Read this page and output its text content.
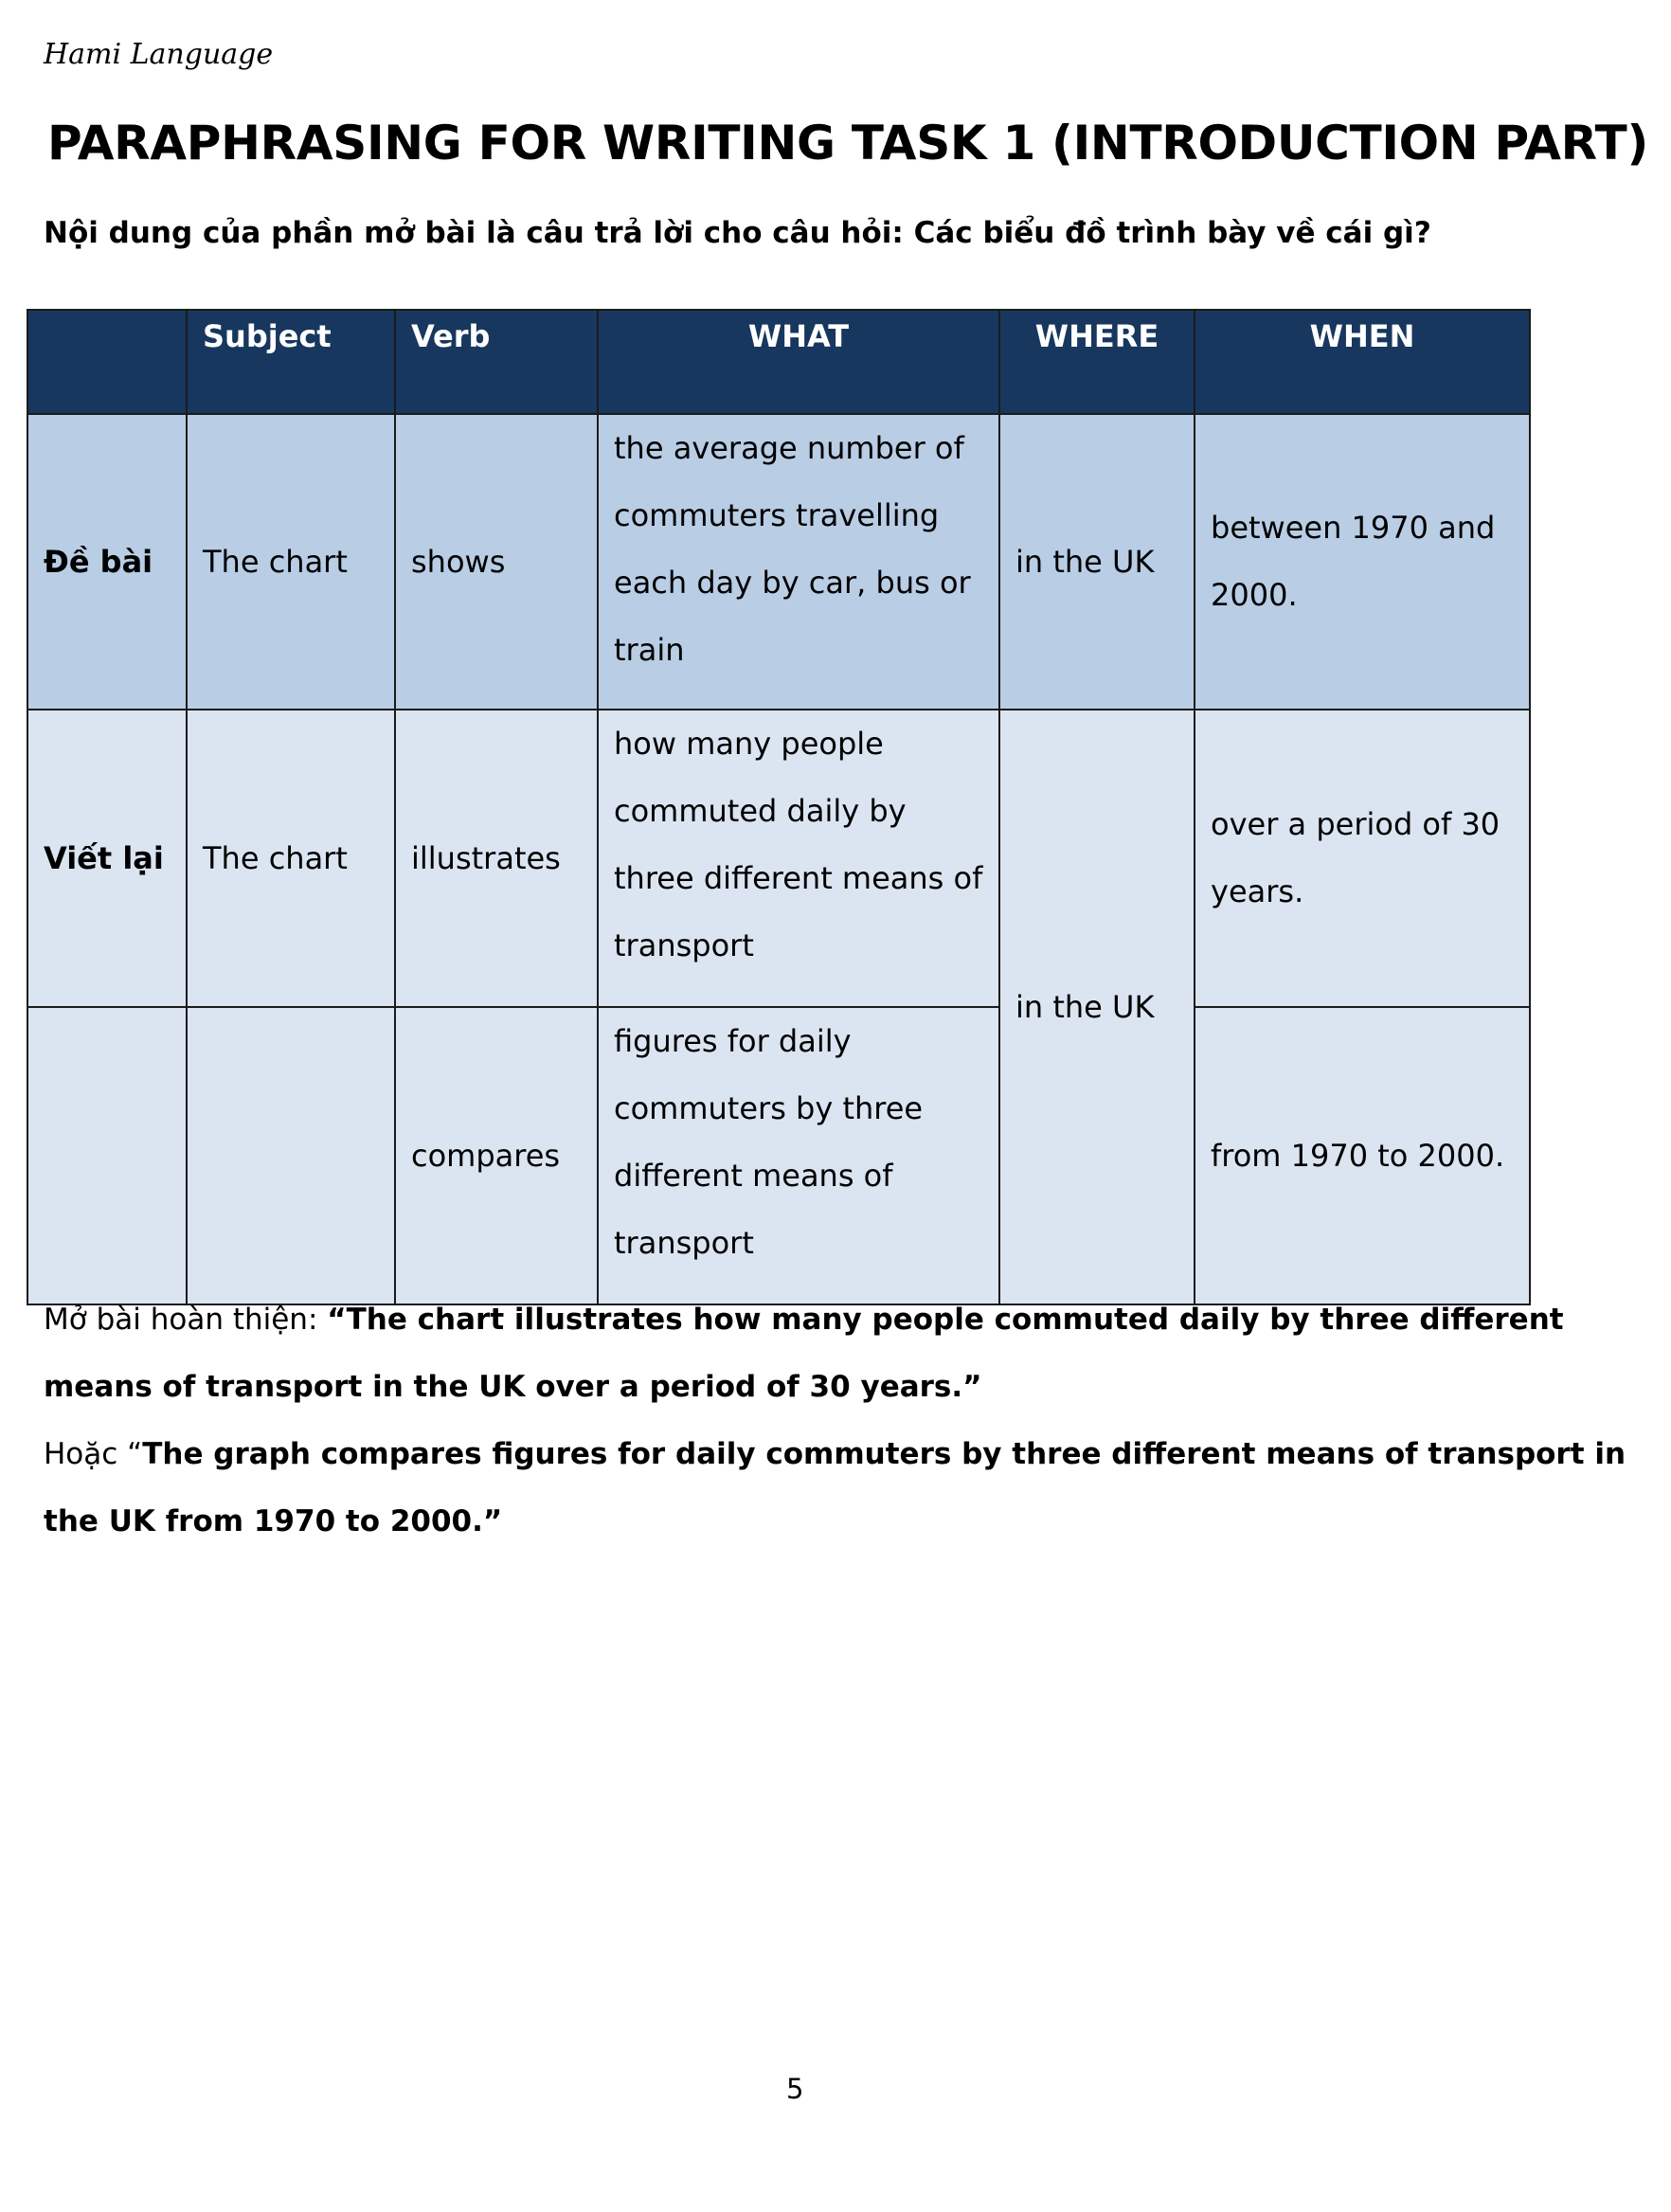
Hami Language
PARAPHRASING FOR WRITING TASK 1 (INTRODUCTION PART)
Nội dung của phần mở bài là câu trả lời cho câu hỏi: Các biểu đồ trình bày về cái gì?
	Subject	Verb	WHAT	WHERE	WHEN
Đề bài	The chart	shows	the average number of commuters travelling each day by car, bus or train	in the UK	between 1970 and 2000.
Viết lại	The chart	illustrates	how many people commuted daily by three different means of transport	in the UK	over a period of 30 years.
		compares	figures for daily commuters by three different means of transport		from 1970 to 2000.

Mở bài hoàn thiện: “The chart illustrates how many people commuted daily by three different means of transport in the UK over a period of 30 years.”

Hoặc “The graph compares figures for daily commuters by three different means of transport in the UK from 1970 to 2000.”

5
